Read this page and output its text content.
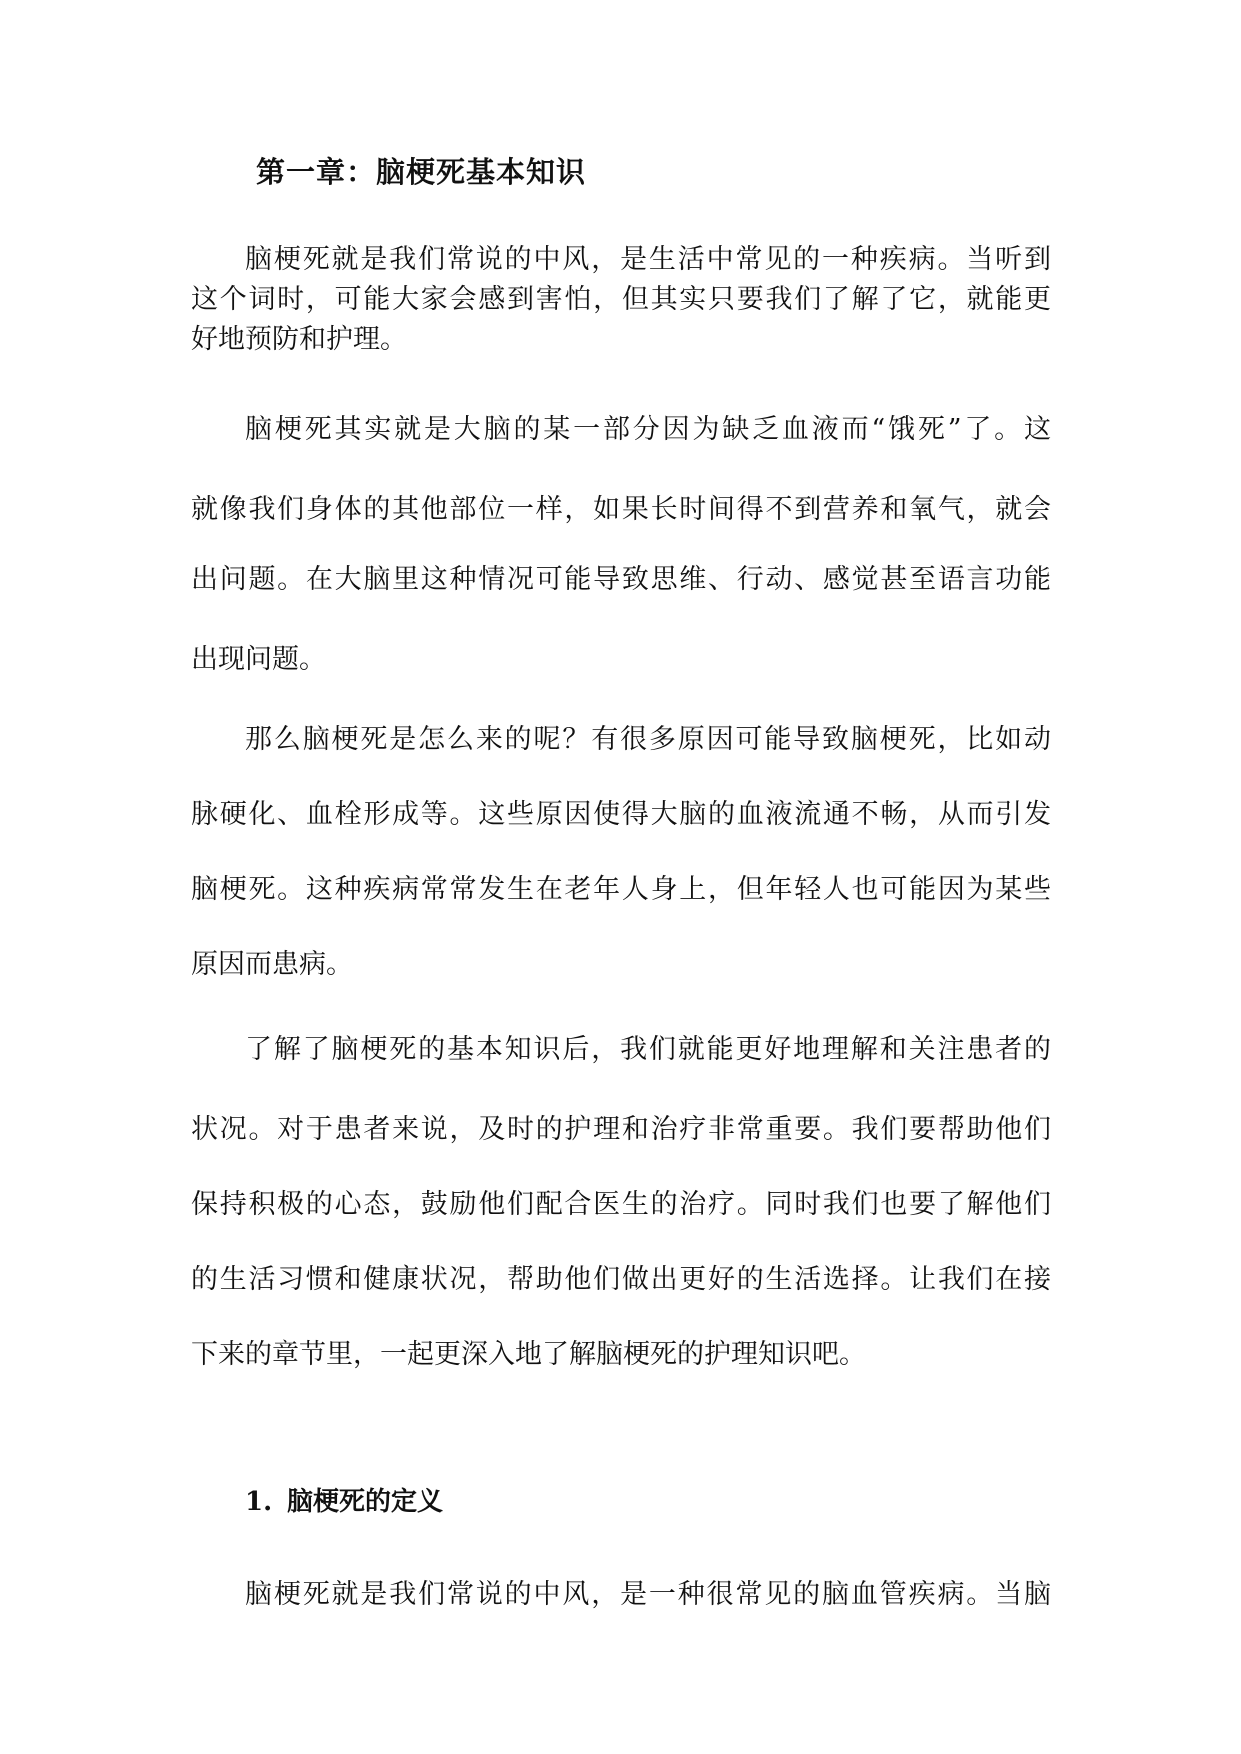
第一章：脑梗死基本知识

脑梗死就是我们常说的中风，是生活中常见的一种疾病。当听到

这个词时，可能大家会感到害怕，但其实只要我们了解了它，就能更

好地预防和护理。

脑梗死其实就是大脑的某一部分因为缺乏血液而“饿死”了。这

就像我们身体的其他部位一样，如果长时间得不到营养和氧气，就会

出问题。在大脑里这种情况可能导致思维、行动、感觉甚至语言功能

出现问题。

那么脑梗死是怎么来的呢？有很多原因可能导致脑梗死，比如动

脉硬化、血栓形成等。这些原因使得大脑的血液流通不畅，从而引发

脑梗死。这种疾病常常发生在老年人身上，但年轻人也可能因为某些

原因而患病。

了解了脑梗死的基本知识后，我们就能更好地理解和关注患者的

状况。对于患者来说，及时的护理和治疗非常重要。我们要帮助他们

保持积极的心态，鼓励他们配合医生的治疗。同时我们也要了解他们

的生活习惯和健康状况，帮助他们做出更好的生活选择。让我们在接

下来的章节里，一起更深入地了解脑梗死的护理知识吧。

1. 脑梗死的定义

脑梗死就是我们常说的中风，是一种很常见的脑血管疾病。当脑
